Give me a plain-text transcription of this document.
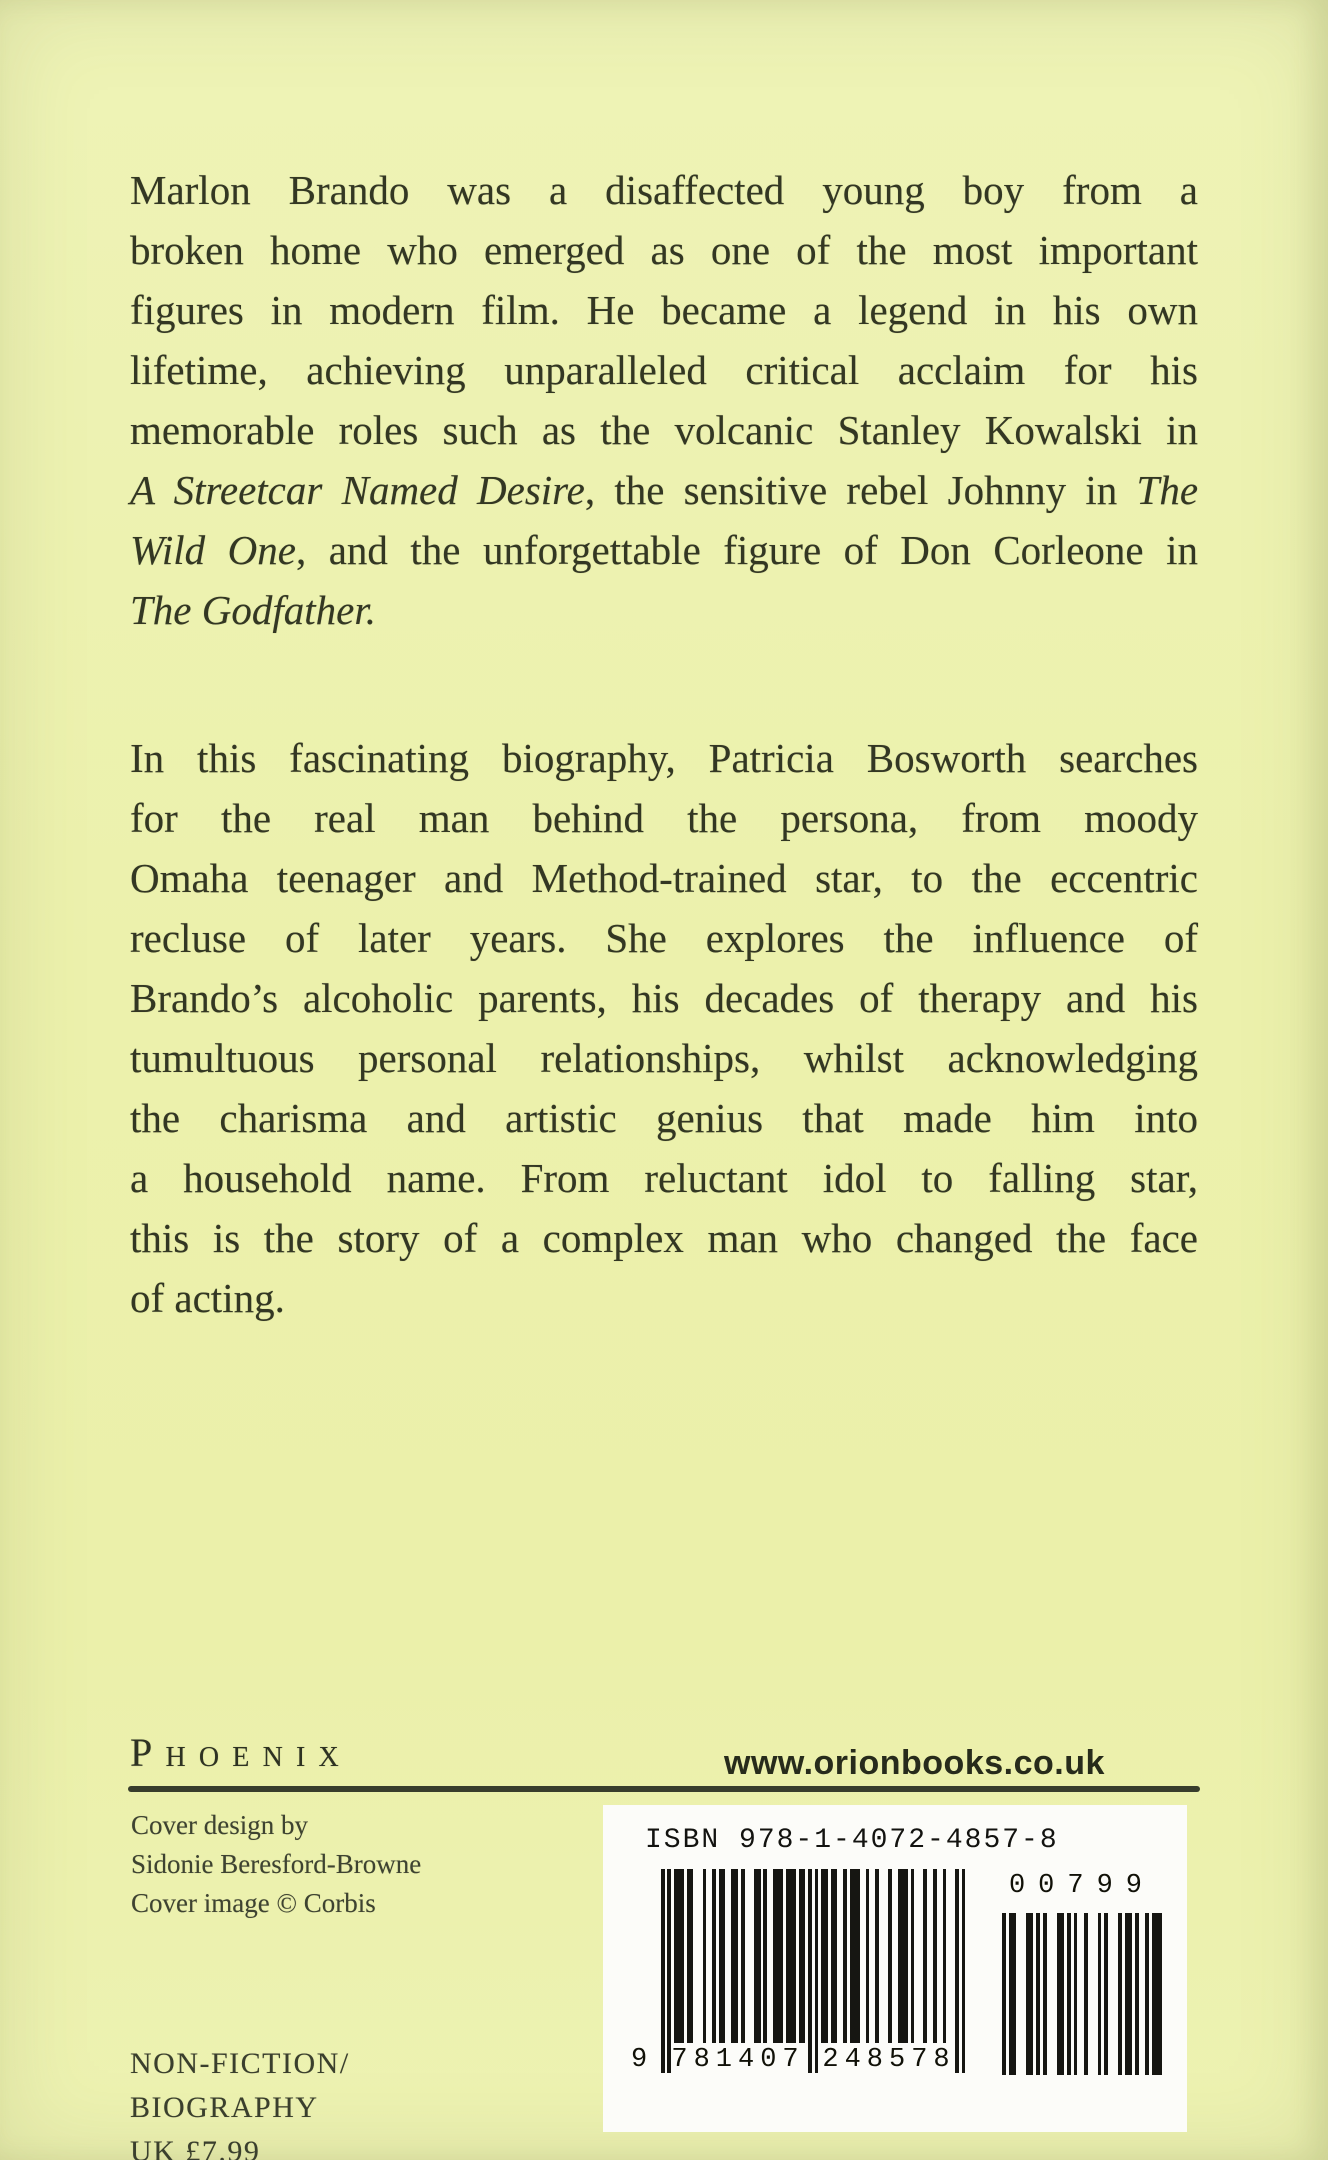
Marlon Brando was a disaffected young boy from a
broken home who emerged as one of the most important
figures in modern film. He became a legend in his own
lifetime, achieving unparalleled critical acclaim for his
memorable roles such as the volcanic Stanley Kowalski in
A Streetcar Named Desire, the sensitive rebel Johnny in The
Wild One, and the unforgettable figure of Don Corleone in
The Godfather.
In this fascinating biography, Patricia Bosworth searches
for the real man behind the persona, from moody
Omaha teenager and Method-trained star, to the eccentric
recluse of later years. She explores the influence of
Brando’s alcoholic parents, his decades of therapy and his
tumultuous personal relationships, whilst acknowledging
the charisma and artistic genius that made him into
a household name. From reluctant idol to falling star,
this is the story of a complex man who changed the face
of acting.
Phoenix	www.orionbooks.co.uk
Cover design by
Sidonie Beresford-Browne
Cover image © Corbis
ISBN 978-1-4072-4857-8
9 781407 248578
00799
NON-FICTION/
BIOGRAPHY
UK £7.99
